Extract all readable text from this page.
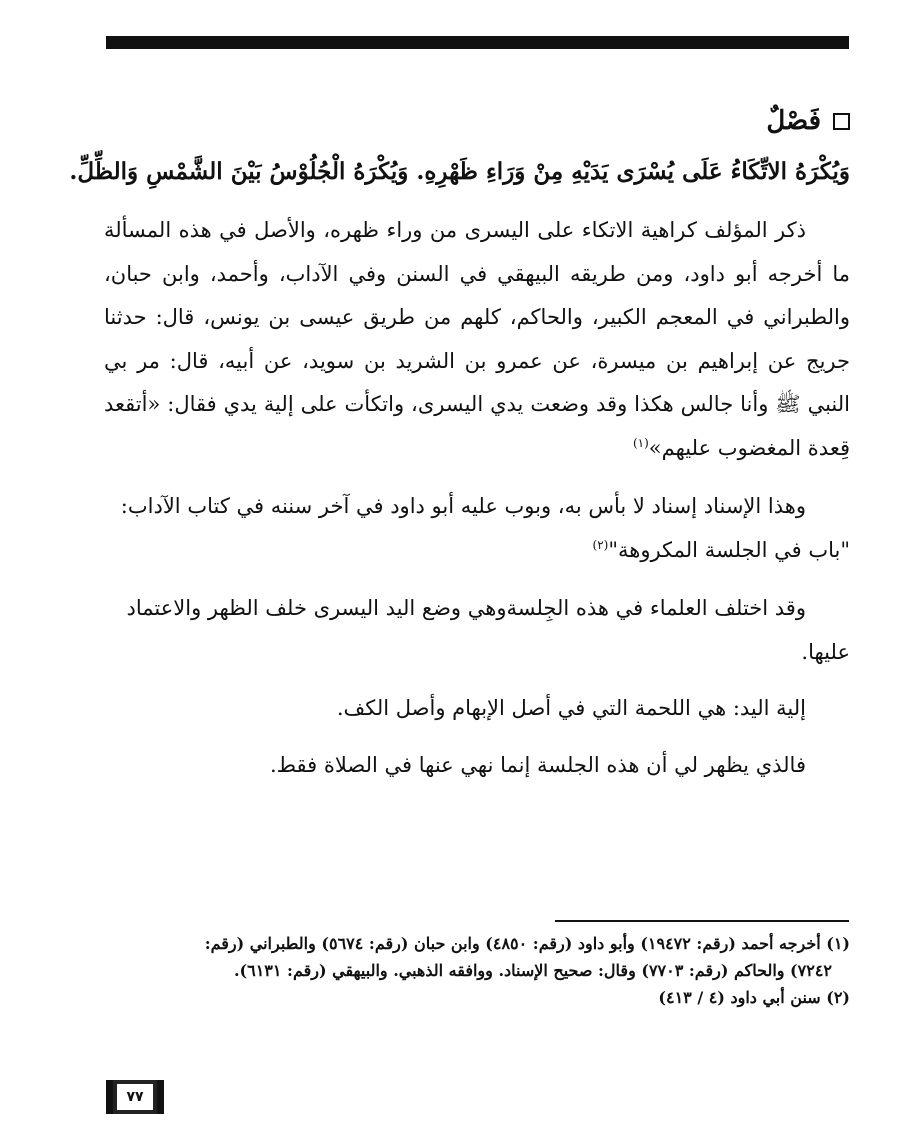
فَصْلٌ
وَيُكْرَهُ الاتِّكَاءُ عَلَى يُسْرَى يَدَيْهِ مِنْ وَرَاءِ ظَهْرِهِ. وَيُكْرَهُ الْجُلُوْسُ بَيْنَ الشَّمْسِ وَالظِّلِّ.

ذكر المؤلف كراهية الاتكاء على اليسرى من وراء ظهره، والأصل في هذه المسألة ما أخرجه أبو داود، ومن طريقه البيهقي في السنن وفي الآداب، وأحمد، وابن حبان، والطبراني في المعجم الكبير، والحاكم، كلهم من طريق عيسى بن يونس، قال: حدثنا جريج عن إبراهيم بن ميسرة، عن عمرو بن الشريد بن سويد، عن أبيه، قال: مر بي النبي ﷺ وأنا جالس هكذا وقد وضعت يدي اليسرى، واتكأت على إلية يدي فقال: «أتقعد قِعدة المغضوب عليهم»$^{(١)}$

وهذا الإسناد إسناد لا بأس به، وبوب عليه أبو داود في آخر سننه في كتاب الآداب: "باب في الجلسة المكروهة"$^{(٢)}$

وقد اختلف العلماء في هذه الجِلسةوهي وضع اليد اليسرى خلف الظهر والاعتماد عليها.

إلية اليد: هي اللحمة التي في أصل الإبهام وأصل الكف.

فالذي يظهر لي أن هذه الجلسة إنما نهي عنها في الصلاة فقط.

(١) أخرجه أحمد (رقم: ١٩٤٧٢) وأبو داود (رقم: ٤٨٥٠) وابن حبان (رقم: ٥٦٧٤) والطبراني (رقم:

٧٢٤٢) والحاكم (رقم: ٧٧٠٣) وقال: صحيح الإسناد. ووافقه الذهبي. والبيهقي (رقم: ٦١٣١).

(٢) سنن أبي داود (٤ / ٤١٣)

٧٧
